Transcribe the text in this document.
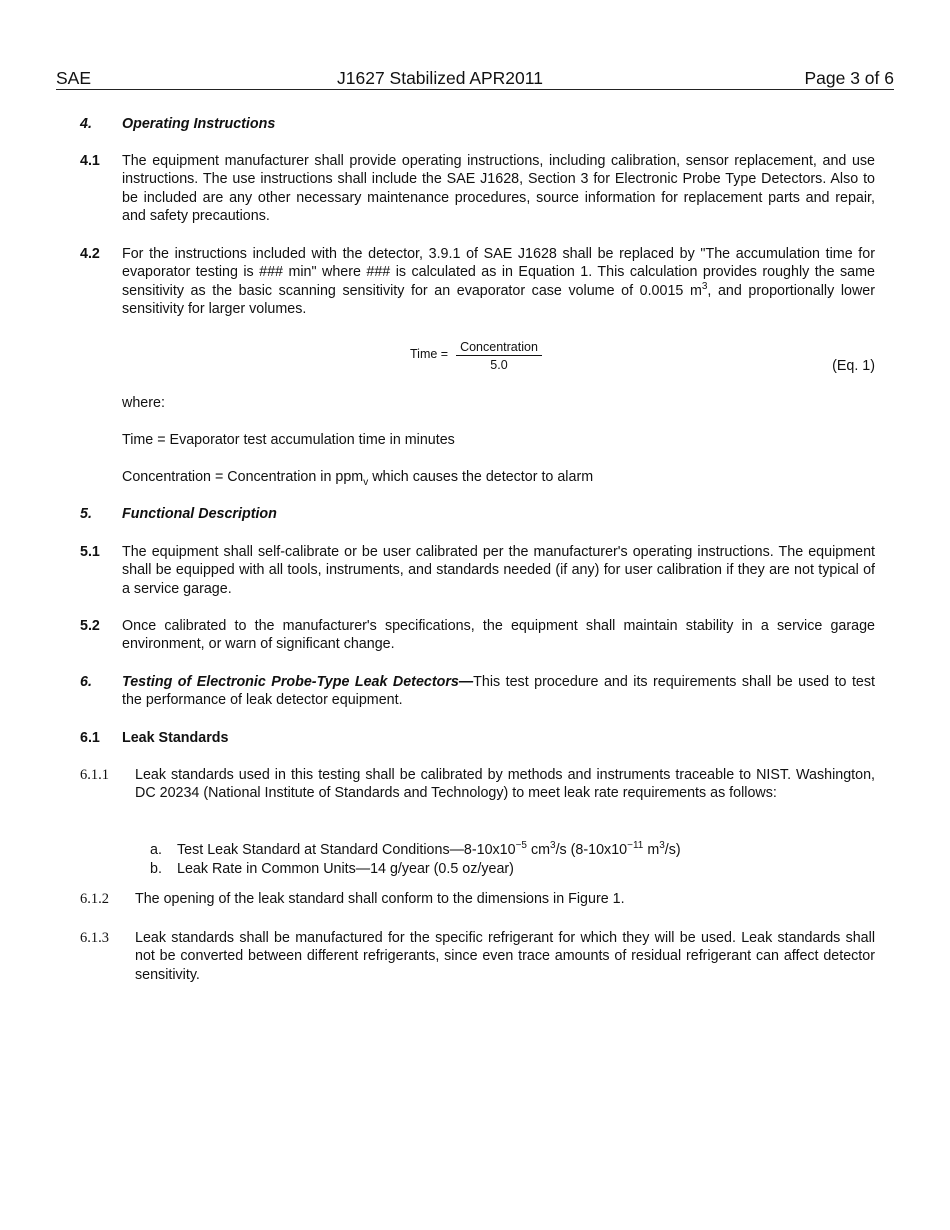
SAE	J1627 Stabilized APR2011	Page 3 of 6
4. Operating Instructions
4.1 The equipment manufacturer shall provide operating instructions, including calibration, sensor replacement, and use instructions. The use instructions shall include the SAE J1628, Section 3 for Electronic Probe Type Detectors. Also to be included are any other necessary maintenance procedures, source information for replacement parts and repair, and safety precautions.
4.2 For the instructions included with the detector, 3.9.1 of SAE J1628 shall be replaced by "The accumulation time for evaporator testing is ### min" where ### is calculated as in Equation 1. This calculation provides roughly the same sensitivity as the basic scanning sensitivity for an evaporator case volume of 0.0015 $m^3$, and proportionally lower sensitivity for larger volumes.
Time = Concentration
5.0	(Eq. 1)
where:
Time = Evaporator test accumulation time in minutes
Concentration = Concentration in ppm$_v$ which causes the detector to alarm
5. Functional Description
5.1 The equipment shall self-calibrate or be user calibrated per the manufacturer's operating instructions. The equipment shall be equipped with all tools, instruments, and standards needed (if any) for user calibration if they are not typical of a service garage.
5.2 Once calibrated to the manufacturer's specifications, the equipment shall maintain stability in a service garage environment, or warn of significant change.
6. Testing of Electronic Probe-Type Leak Detectors—This test procedure and its requirements shall be used to test the performance of leak detector equipment.
6.1 Leak Standards
6.1.1 Leak standards used in this testing shall be calibrated by methods and instruments traceable to NIST. Washington, DC 20234 (National Institute of Standards and Technology) to meet leak rate requirements as follows:
a. Test Leak Standard at Standard $Conditions—8-10x10^{-5}$ $cm^3/s$ ($8-10x10^{-11}$ $m^3/s$)
b. Leak Rate in Common Units—14 g/year (0.5 oz/year)
6.1.2 The opening of the leak standard shall conform to the dimensions in Figure 1.
6.1.3 Leak standards shall be manufactured for the specific refrigerant for which they will be used. Leak standards shall not be converted between different refrigerants, since even trace amounts of residual refrigerant can affect detector sensitivity.
